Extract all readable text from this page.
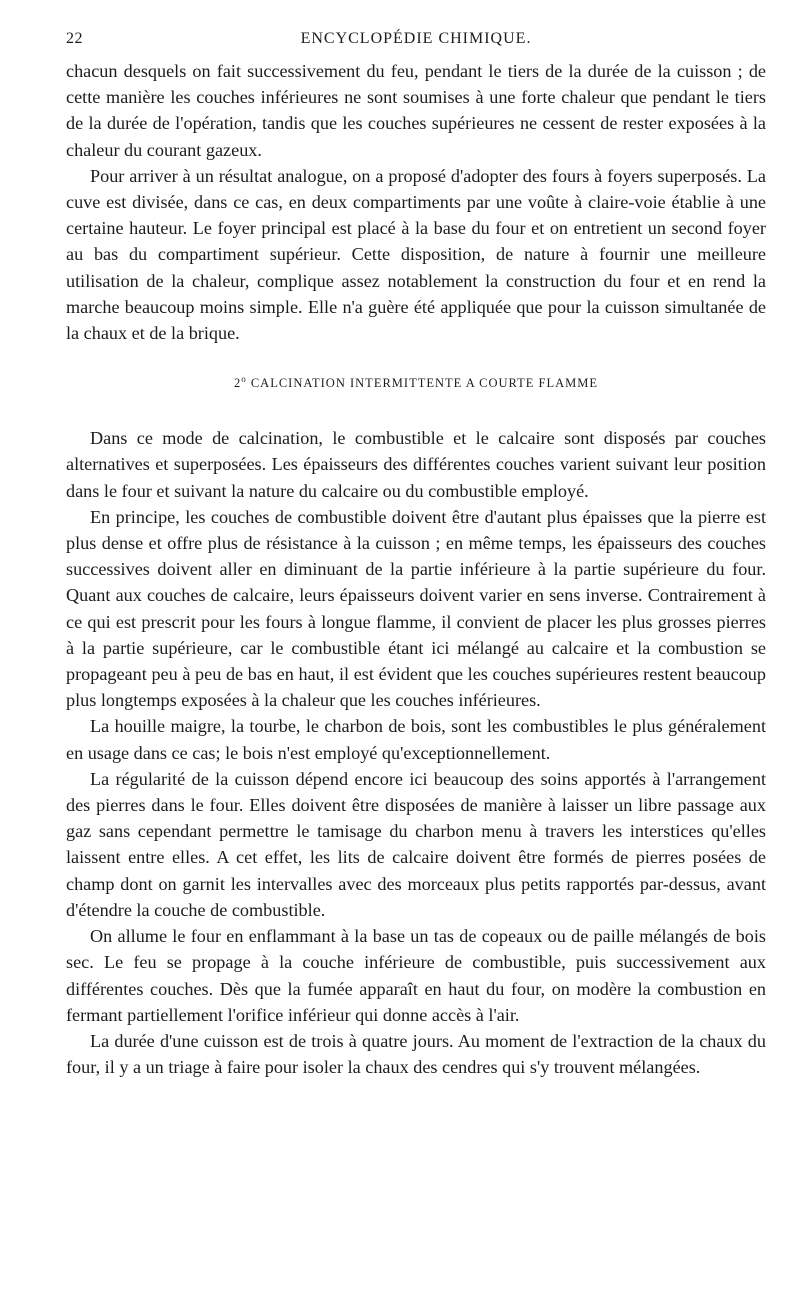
22	ENCYCLOPÉDIE CHIMIQUE.

chacun desquels on fait successivement du feu, pendant le tiers de la durée de la cuisson ; de cette manière les couches inférieures ne sont soumises à une forte chaleur que pendant le tiers de la durée de l'opération, tandis que les couches supérieures ne cessent de rester exposées à la chaleur du courant gazeux.

Pour arriver à un résultat analogue, on a proposé d'adopter des fours à foyers superposés. La cuve est divisée, dans ce cas, en deux compartiments par une voûte à claire-voie établie à une certaine hauteur. Le foyer principal est placé à la base du four et on entretient un second foyer au bas du compartiment supérieur. Cette disposition, de nature à fournir une meilleure utilisation de la chaleur, complique assez notablement la construction du four et en rend la marche beaucoup moins simple. Elle n'a guère été appliquée que pour la cuisson simultanée de la chaux et de la brique.

2$^o$ CALCINATION INTERMITTENTE A COURTE FLAMME

Dans ce mode de calcination, le combustible et le calcaire sont disposés par couches alternatives et superposées. Les épaisseurs des différentes couches varient suivant leur position dans le four et suivant la nature du calcaire ou du combustible employé.

En principe, les couches de combustible doivent être d'autant plus épaisses que la pierre est plus dense et offre plus de résistance à la cuisson ; en même temps, les épaisseurs des couches successives doivent aller en diminuant de la partie inférieure à la partie supérieure du four. Quant aux couches de calcaire, leurs épaisseurs doivent varier en sens inverse. Contrairement à ce qui est prescrit pour les fours à longue flamme, il convient de placer les plus grosses pierres à la partie supérieure, car le combustible étant ici mélangé au calcaire et la combustion se propageant peu à peu de bas en haut, il est évident que les couches supérieures restent beaucoup plus longtemps exposées à la chaleur que les couches inférieures.

La houille maigre, la tourbe, le charbon de bois, sont les combustibles le plus généralement en usage dans ce cas; le bois n'est employé qu'exceptionnellement.

La régularité de la cuisson dépend encore ici beaucoup des soins apportés à l'arrangement des pierres dans le four. Elles doivent être disposées de manière à laisser un libre passage aux gaz sans cependant permettre le tamisage du charbon menu à travers les interstices qu'elles laissent entre elles. A cet effet, les lits de calcaire doivent être formés de pierres posées de champ dont on garnit les intervalles avec des morceaux plus petits rapportés par-dessus, avant d'étendre la couche de combustible.

On allume le four en enflammant à la base un tas de copeaux ou de paille mélangés de bois sec. Le feu se propage à la couche inférieure de combustible, puis successivement aux différentes couches. Dès que la fumée apparaît en haut du four, on modère la combustion en fermant partiellement l'orifice inférieur qui donne accès à l'air.

La durée d'une cuisson est de trois à quatre jours. Au moment de l'extraction de la chaux du four, il y a un triage à faire pour isoler la chaux des cendres qui s'y trouvent mélangées.
